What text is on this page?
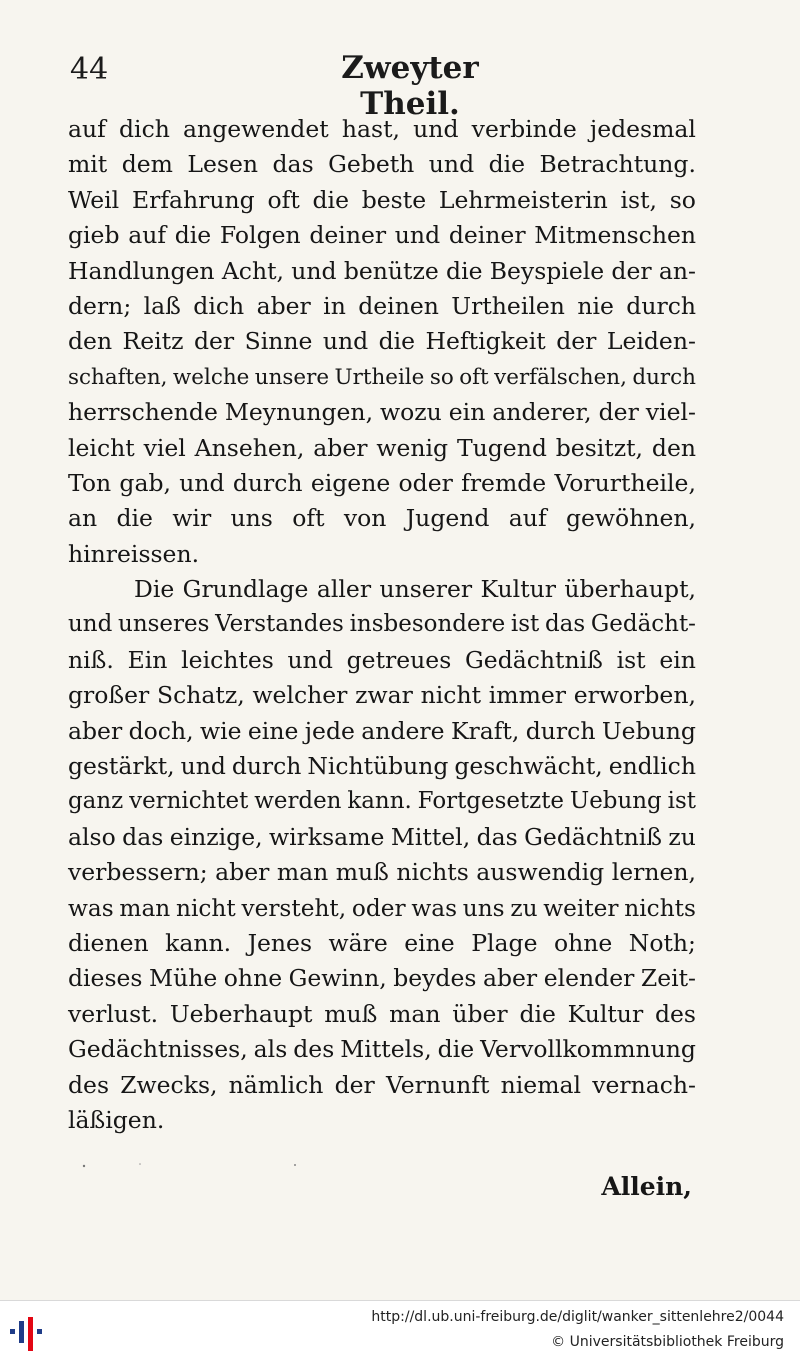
44	Zweyter Theil.
auf dich angewendet hast, und verbinde jedesmal
mit dem Lesen das Gebeth und die Betrachtung.
Weil Erfahrung oft die beste Lehrmeisterin ist, so
gieb auf die Folgen deiner und deiner Mitmenschen
Handlungen Acht, und benütze die Beyspiele der an-
dern; laß dich aber in deinen Urtheilen nie durch
den Reitz der Sinne und die Heftigkeit der Leiden-
schaften, welche unsere Urtheile so oft verfälschen, durch
herrschende Meynungen, wozu ein anderer, der viel-
leicht viel Ansehen, aber wenig Tugend besitzt, den
Ton gab, und durch eigene oder fremde Vorurtheile,
an die wir uns oft von Jugend auf gewöhnen,
hinreissen.
Die Grundlage aller unserer Kultur überhaupt,
und unseres Verstandes insbesondere ist das Gedächt-
niß. Ein leichtes und getreues Gedächtniß ist ein
großer Schatz, welcher zwar nicht immer erworben,
aber doch, wie eine jede andere Kraft, durch Uebung
gestärkt, und durch Nichtübung geschwächt, endlich
ganz vernichtet werden kann. Fortgesetzte Uebung ist
also das einzige, wirksame Mittel, das Gedächtniß zu
verbessern; aber man muß nichts auswendig lernen,
was man nicht versteht, oder was uns zu weiter nichts
dienen kann. Jenes wäre eine Plage ohne Noth;
dieses Mühe ohne Gewinn, beydes aber elender Zeit-
verlust. Ueberhaupt muß man über die Kultur des
Gedächtnisses, als des Mittels, die Vervollkommnung
des Zwecks, nämlich der Vernunft niemal vernach-
läßigen.
Allein,
http://dl.ub.uni-freiburg.de/diglit/wanker_sittenlehre2/0044
© Universitätsbibliothek Freiburg
